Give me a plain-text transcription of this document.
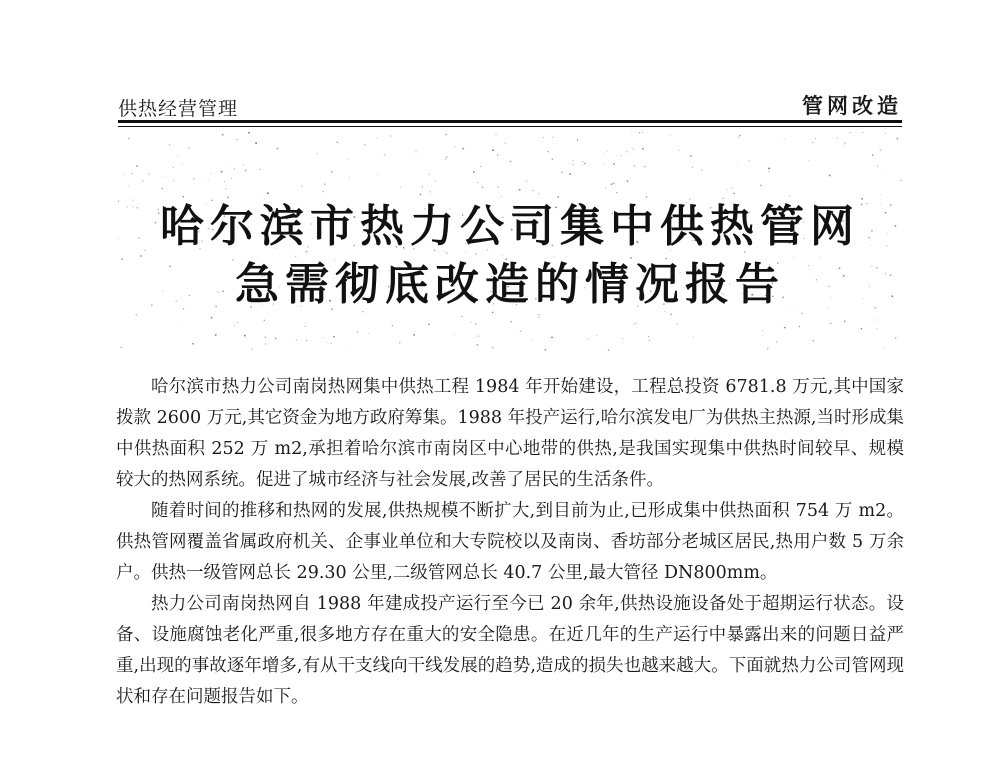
供热经营管理	管网改造
哈尔滨市热力公司集中供热管网
急需彻底改造的情况报告

哈尔滨市热力公司南岗热网集中供热工程 1984 年开始建设，工程总投资 6781.8 万元,其中国家拨款 2600 万元,其它资金为地方政府筹集。1988 年投产运行,哈尔滨发电厂为供热主热源,当时形成集中供热面积 252 万 m2,承担着哈尔滨市南岗区中心地带的供热,是我国实现集中供热时间较早、规模较大的热网系统。促进了城市经济与社会发展,改善了居民的生活条件。

随着时间的推移和热网的发展,供热规模不断扩大,到目前为止,已形成集中供热面积 754 万 m2。供热管网覆盖省属政府机关、企事业单位和大专院校以及南岗、香坊部分老城区居民,热用户数 5 万余户。供热一级管网总长 29.30 公里,二级管网总长 40.7 公里,最大管径 DN800mm。

热力公司南岗热网自 1988 年建成投产运行至今已 20 余年,供热设施设备处于超期运行状态。设备、设施腐蚀老化严重,很多地方存在重大的安全隐患。在近几年的生产运行中暴露出来的问题日益严重,出现的事故逐年增多,有从干支线向干线发展的趋势,造成的损失也越来越大。下面就热力公司管网现状和存在问题报告如下。
